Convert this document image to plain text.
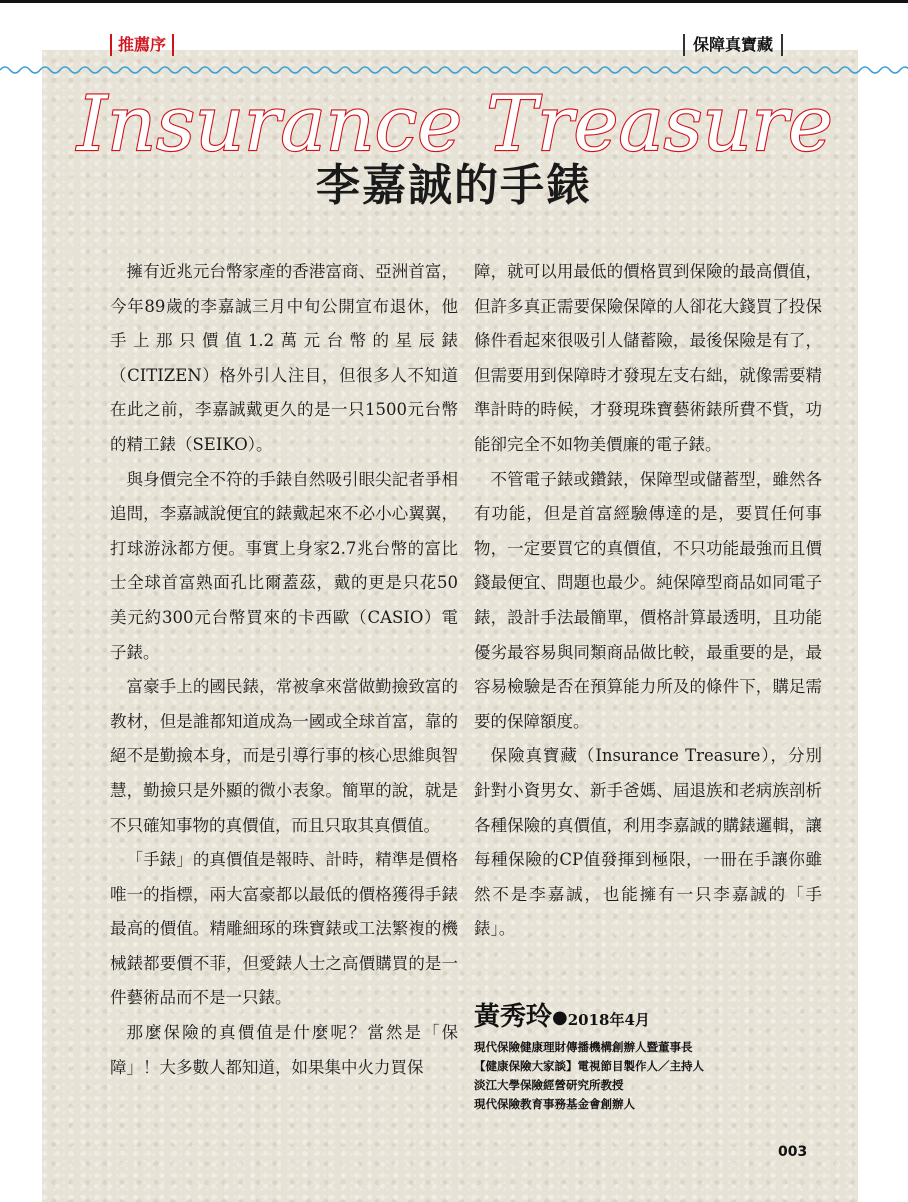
推薦序	保障真寶藏
Insurance Treasure
李嘉誠的手錶

擁有近兆元台幣家產的香港富商、亞洲首富，今年89歲的李嘉誠三月中旬公開宣布退休，他手上那只價值1.2萬元台幣的星辰錶（CITIZEN）格外引人注目，但很多人不知道在此之前，李嘉誠戴更久的是一只1500元台幣的精工錶（SEIKO）。

與身價完全不符的手錶自然吸引眼尖記者爭相追問，李嘉誠說便宜的錶戴起來不必小心翼翼，打球游泳都方便。事實上身家2.7兆台幣的富比士全球首富熟面孔比爾蓋茲，戴的更是只花50美元約300元台幣買來的卡西歐（CASIO）電子錶。

富豪手上的國民錶，常被拿來當做勤撿致富的教材，但是誰都知道成為一國或全球首富，靠的絕不是勤撿本身，而是引導行事的核心思維與智慧，勤撿只是外顯的微小表象。簡單的說，就是不只確知事物的真價值，而且只取其真價值。

「手錶」的真價值是報時、計時，精準是價格唯一的指標，兩大富豪都以最低的價格獲得手錶最高的價值。精雕細琢的珠寶錶或工法繁複的機械錶都要價不菲，但愛錶人士之高價購買的是一件藝術品而不是一只錶。

那麼保險的真價值是什麼呢？當然是「保障」！大多數人都知道，如果集中火力買保

障，就可以用最低的價格買到保險的最高價值，但許多真正需要保險保障的人卻花大錢買了投保條件看起來很吸引人儲蓄險，最後保險是有了，但需要用到保障時才發現左支右絀，就像需要精準計時的時候，才發現珠寶藝術錶所費不貲，功能卻完全不如物美價廉的電子錶。

不管電子錶或鑽錶，保障型或儲蓄型，雖然各有功能，但是首富經驗傳達的是，要買任何事物，一定要買它的真價值，不只功能最強而且價錢最便宜、問題也最少。純保障型商品如同電子錶，設計手法最簡單，價格計算最透明，且功能優劣最容易與同類商品做比較，最重要的是，最容易檢驗是否在預算能力所及的條件下，購足需要的保障額度。

保險真寶藏（Insurance Treasure），分別針對小資男女、新手爸媽、屆退族和老病族剖析各種保險的真價值，利用李嘉誠的購錶邏輯，讓每種保險的CP值發揮到極限，一冊在手讓你雖然不是李嘉誠，也能擁有一只李嘉誠的「手錶」。

黃秀玲●2018年4月
現代保險健康理財傳播機構創辦人暨董事長
【健康保險大家談】電視節目製作人／主持人
淡江大學保險經營研究所教授
現代保險教育事務基金會創辦人
003
